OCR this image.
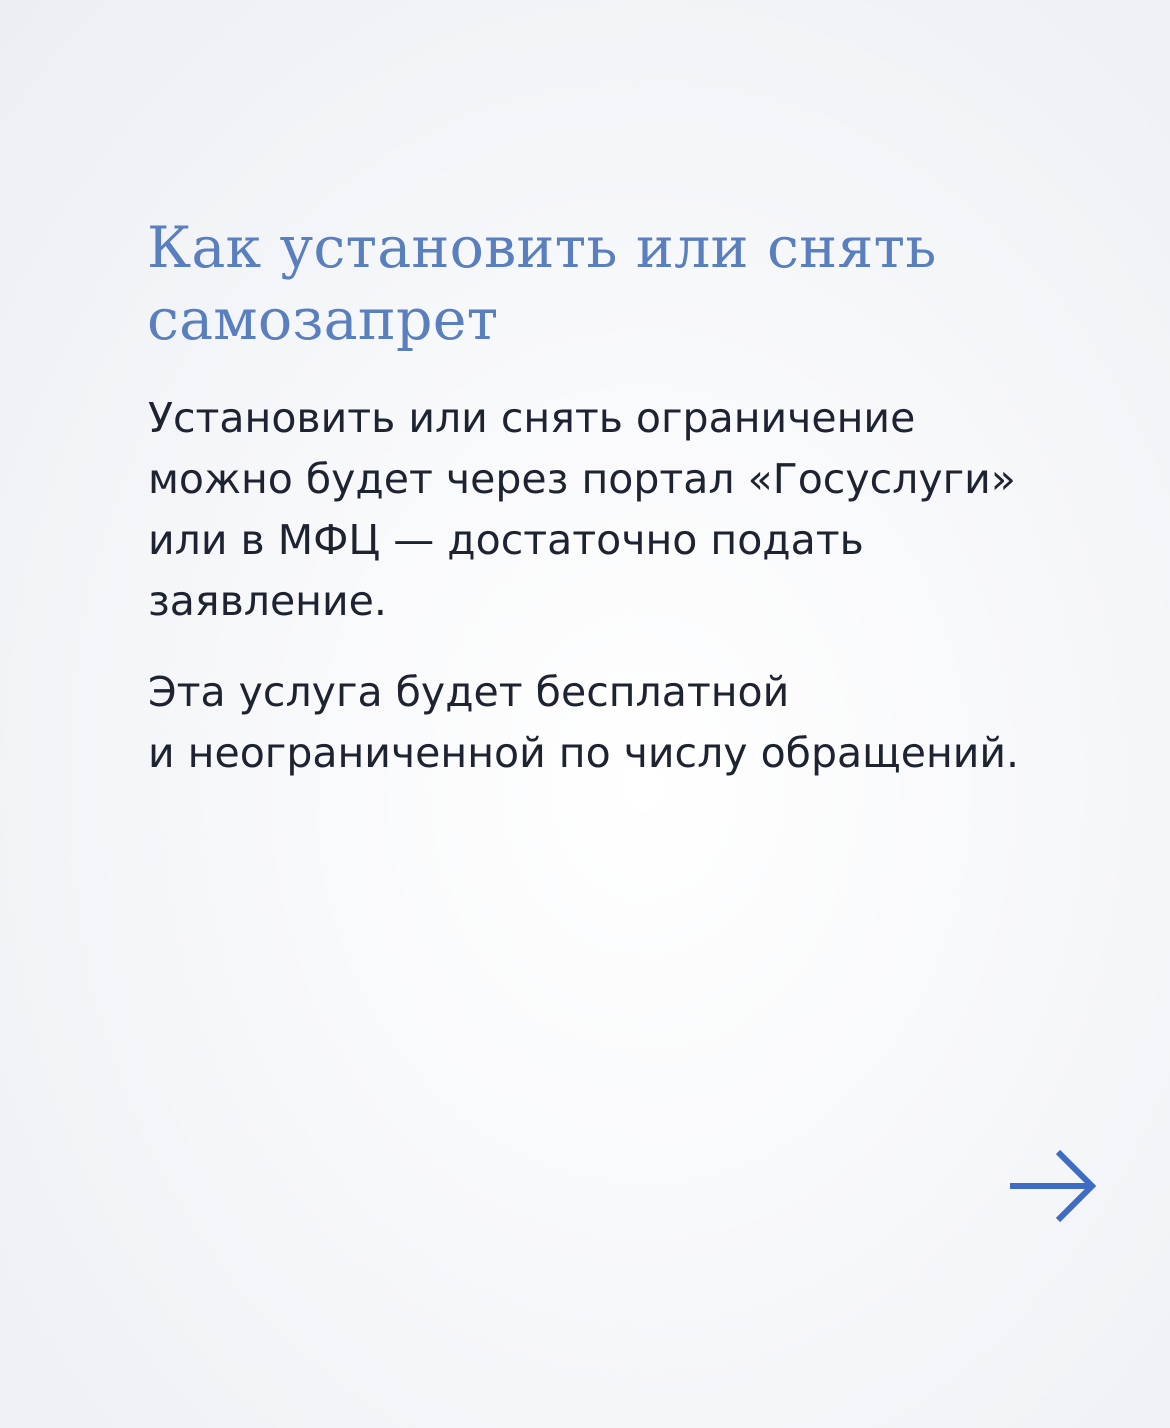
Как установить или снять
самозапрет

Установить или снять ограничение
можно будет через портал «Госуслуги»
или в МФЦ — достаточно подать
заявление.

Эта услуга будет бесплатной
и неограниченной по числу обращений.
